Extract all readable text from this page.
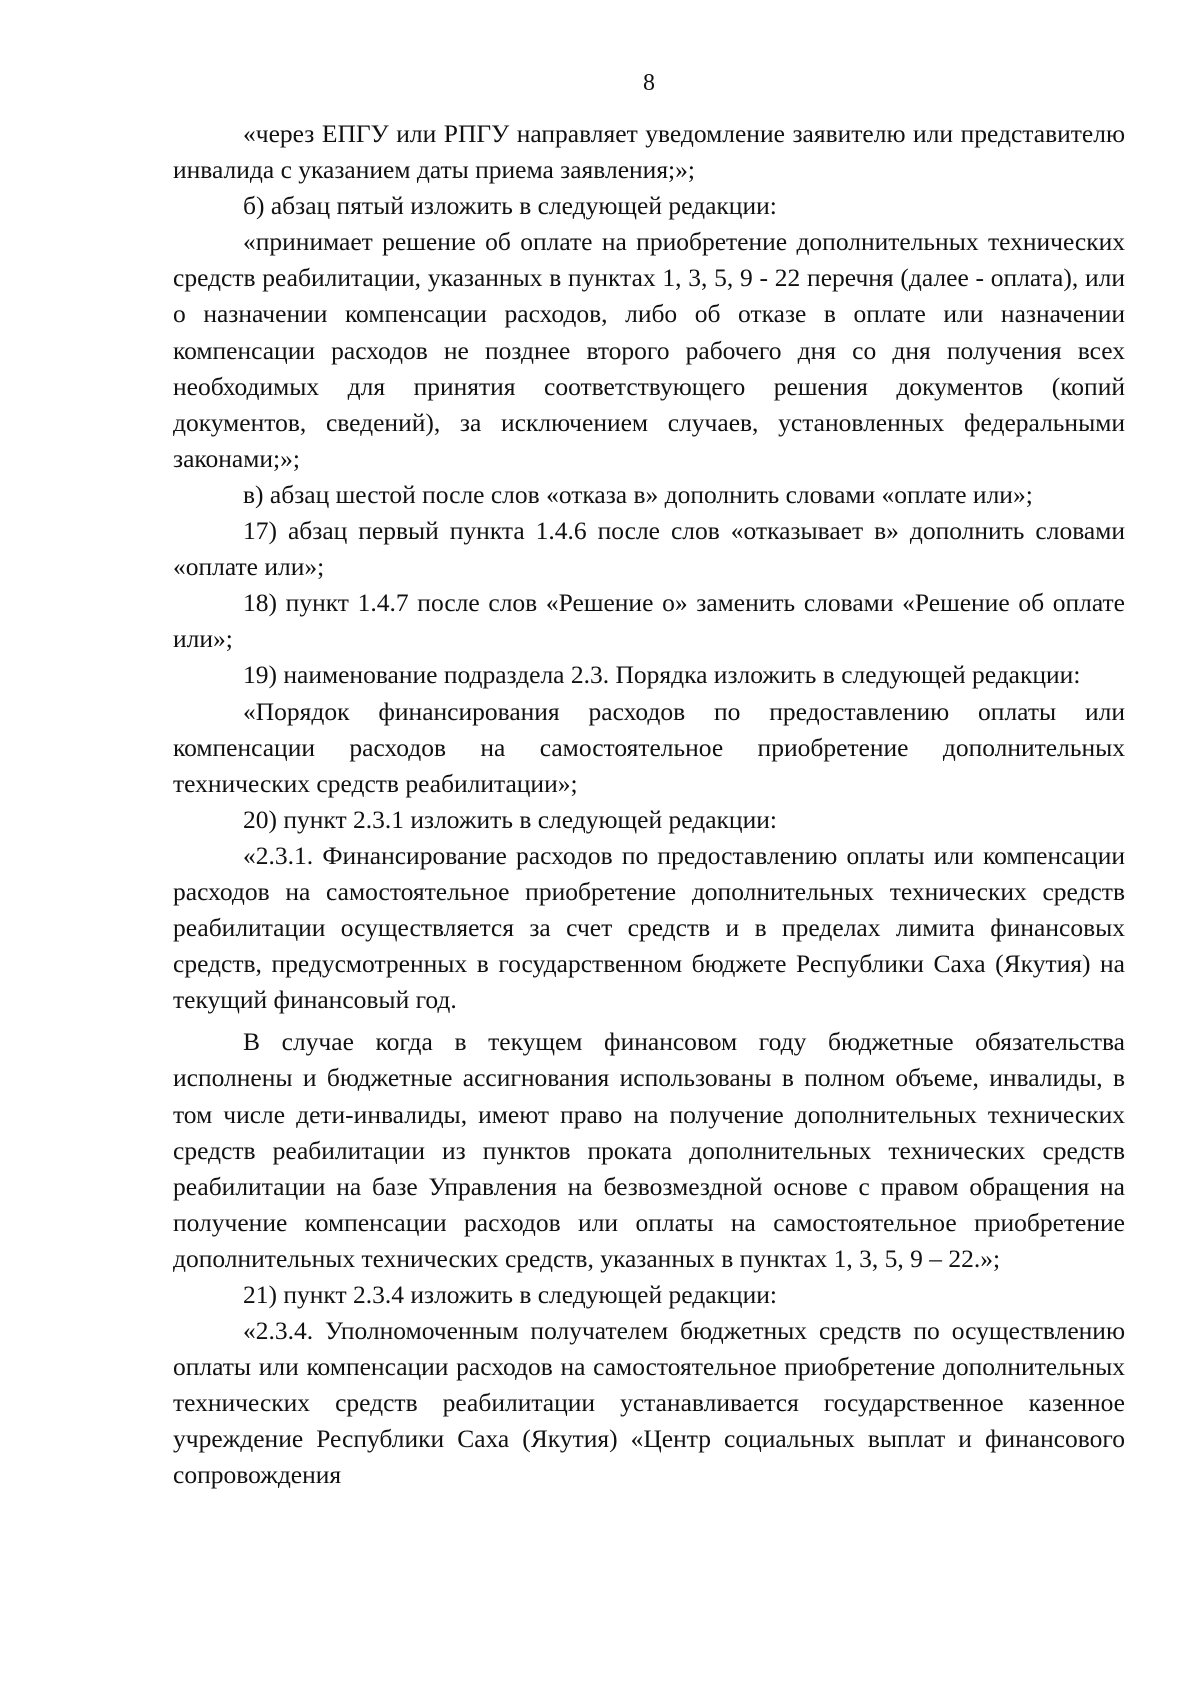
8

«через ЕПГУ или РПГУ направляет уведомление заявителю или представителю инвалида с указанием даты приема заявления;»;

б) абзац пятый изложить в следующей редакции:

«принимает решение об оплате на приобретение дополнительных технических средств реабилитации, указанных в пунктах 1, 3, 5, 9 - 22 перечня (далее - оплата), или о назначении компенсации расходов, либо об отказе в оплате или назначении компенсации расходов не позднее второго рабочего дня со дня получения всех необходимых для принятия соответствующего решения документов (копий документов, сведений), за исключением случаев, установленных федеральными законами;»;

в) абзац шестой после слов «отказа в» дополнить словами «оплате или»;

17) абзац первый пункта 1.4.6 после слов «отказывает в» дополнить словами «оплате или»;

18) пункт 1.4.7 после слов «Решение о» заменить словами «Решение об оплате или»;

19) наименование подраздела 2.3. Порядка изложить в следующей редакции:

«Порядок финансирования расходов по предоставлению оплаты или компенсации расходов на самостоятельное приобретение дополнительных технических средств реабилитации»;

20) пункт 2.3.1 изложить в следующей редакции:

«2.3.1. Финансирование расходов по предоставлению оплаты или компенсации расходов на самостоятельное приобретение дополнительных технических средств реабилитации осуществляется за счет средств и в пределах лимита финансовых средств, предусмотренных в государственном бюджете Республики Саха (Якутия) на текущий финансовый год.

В случае когда в текущем финансовом году бюджетные обязательства исполнены и бюджетные ассигнования использованы в полном объеме, инвалиды, в том числе дети-инвалиды, имеют право на получение дополнительных технических средств реабилитации из пунктов проката дополнительных технических средств реабилитации на базе Управления на безвозмездной основе с правом обращения на получение компенсации расходов или оплаты на самостоятельное приобретение дополнительных технических средств, указанных в пунктах 1, 3, 5, 9 – 22.»;

21) пункт 2.3.4 изложить в следующей редакции:

«2.3.4. Уполномоченным получателем бюджетных средств по осуществлению оплаты или компенсации расходов на самостоятельное приобретение дополнительных технических средств реабилитации устанавливается государственное казенное учреждение Республики Саха (Якутия) «Центр социальных выплат и финансового сопровождения
